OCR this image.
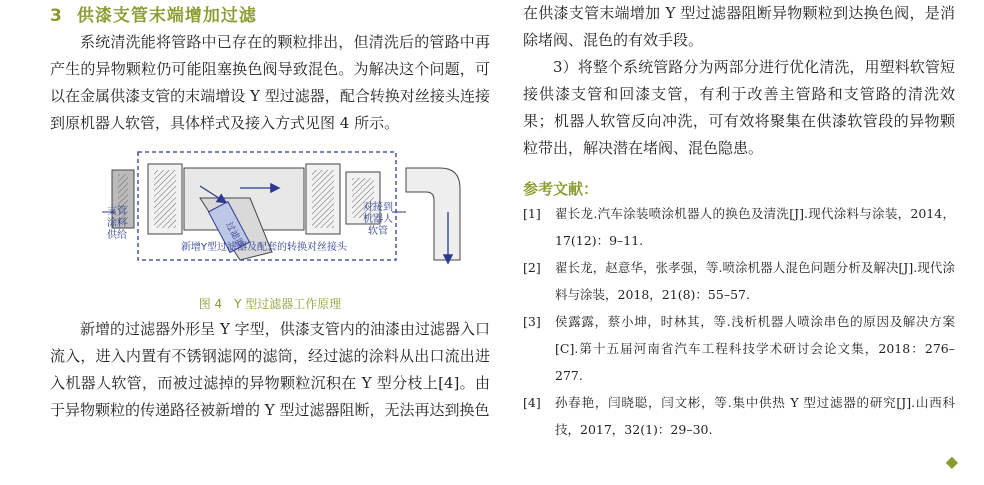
3 供漆支管末端增加过滤

系统清洗能将管路中已存在的颗粒排出，但清洗后的管路中再产生的异物颗粒仍可能阻塞换色阀导致混色。为解决这个问题，可以在金属供漆支管的末端增设 Y 型过滤器，配合转换对丝接头连接到原机器人软管，具体样式及接入方式见图 4 所示。

过滤器
支管涂料供给
新增Y型过滤器及配套的转换对丝接头
对接到机器人软管
图 4　Y 型过滤器工作原理

新增的过滤器外形呈 Y 字型，供漆支管内的油漆由过滤器入口流入，进入内置有不锈钢滤网的滤筒，经过滤的涂料从出口流出进入机器人软管，而被过滤掉的异物颗粒沉积在 Y 型分枝上[4]。由于异物颗粒的传递路径被新增的 Y 型过滤器阻断，无法再达到换色

在供漆支管末端增加 Y 型过滤器阻断异物颗粒到达换色阀，是消除堵阀、混色的有效手段。

3）将整个系统管路分为两部分进行优化清洗，用塑料软管短接供漆支管和回漆支管，有利于改善主管路和支管路的清洗效果；机器人软管反向冲洗，可有效将聚集在供漆软管段的异物颗粒带出，解决潜在堵阀、混色隐患。

参考文献：
[1]	翟长龙.汽车涂装喷涂机器人的换色及清洗[J].现代涂料与涂装，2014，17(12)：9–11.
[2]	翟长龙，赵意华，张孝强，等.喷涂机器人混色问题分析及解决[J].现代涂料与涂装，2018，21(8)：55–57.
[3]	侯露露，蔡小坤，时林其，等.浅析机器人喷涂串色的原因及解决方案[C].第十五届河南省汽车工程科技学术研讨会论文集，2018：276–277.
[4]	孙春艳，闫晓聪，闫文彬，等.集中供热 Y 型过滤器的研究[J].山西科技，2017，32(1)：29–30.
◆
